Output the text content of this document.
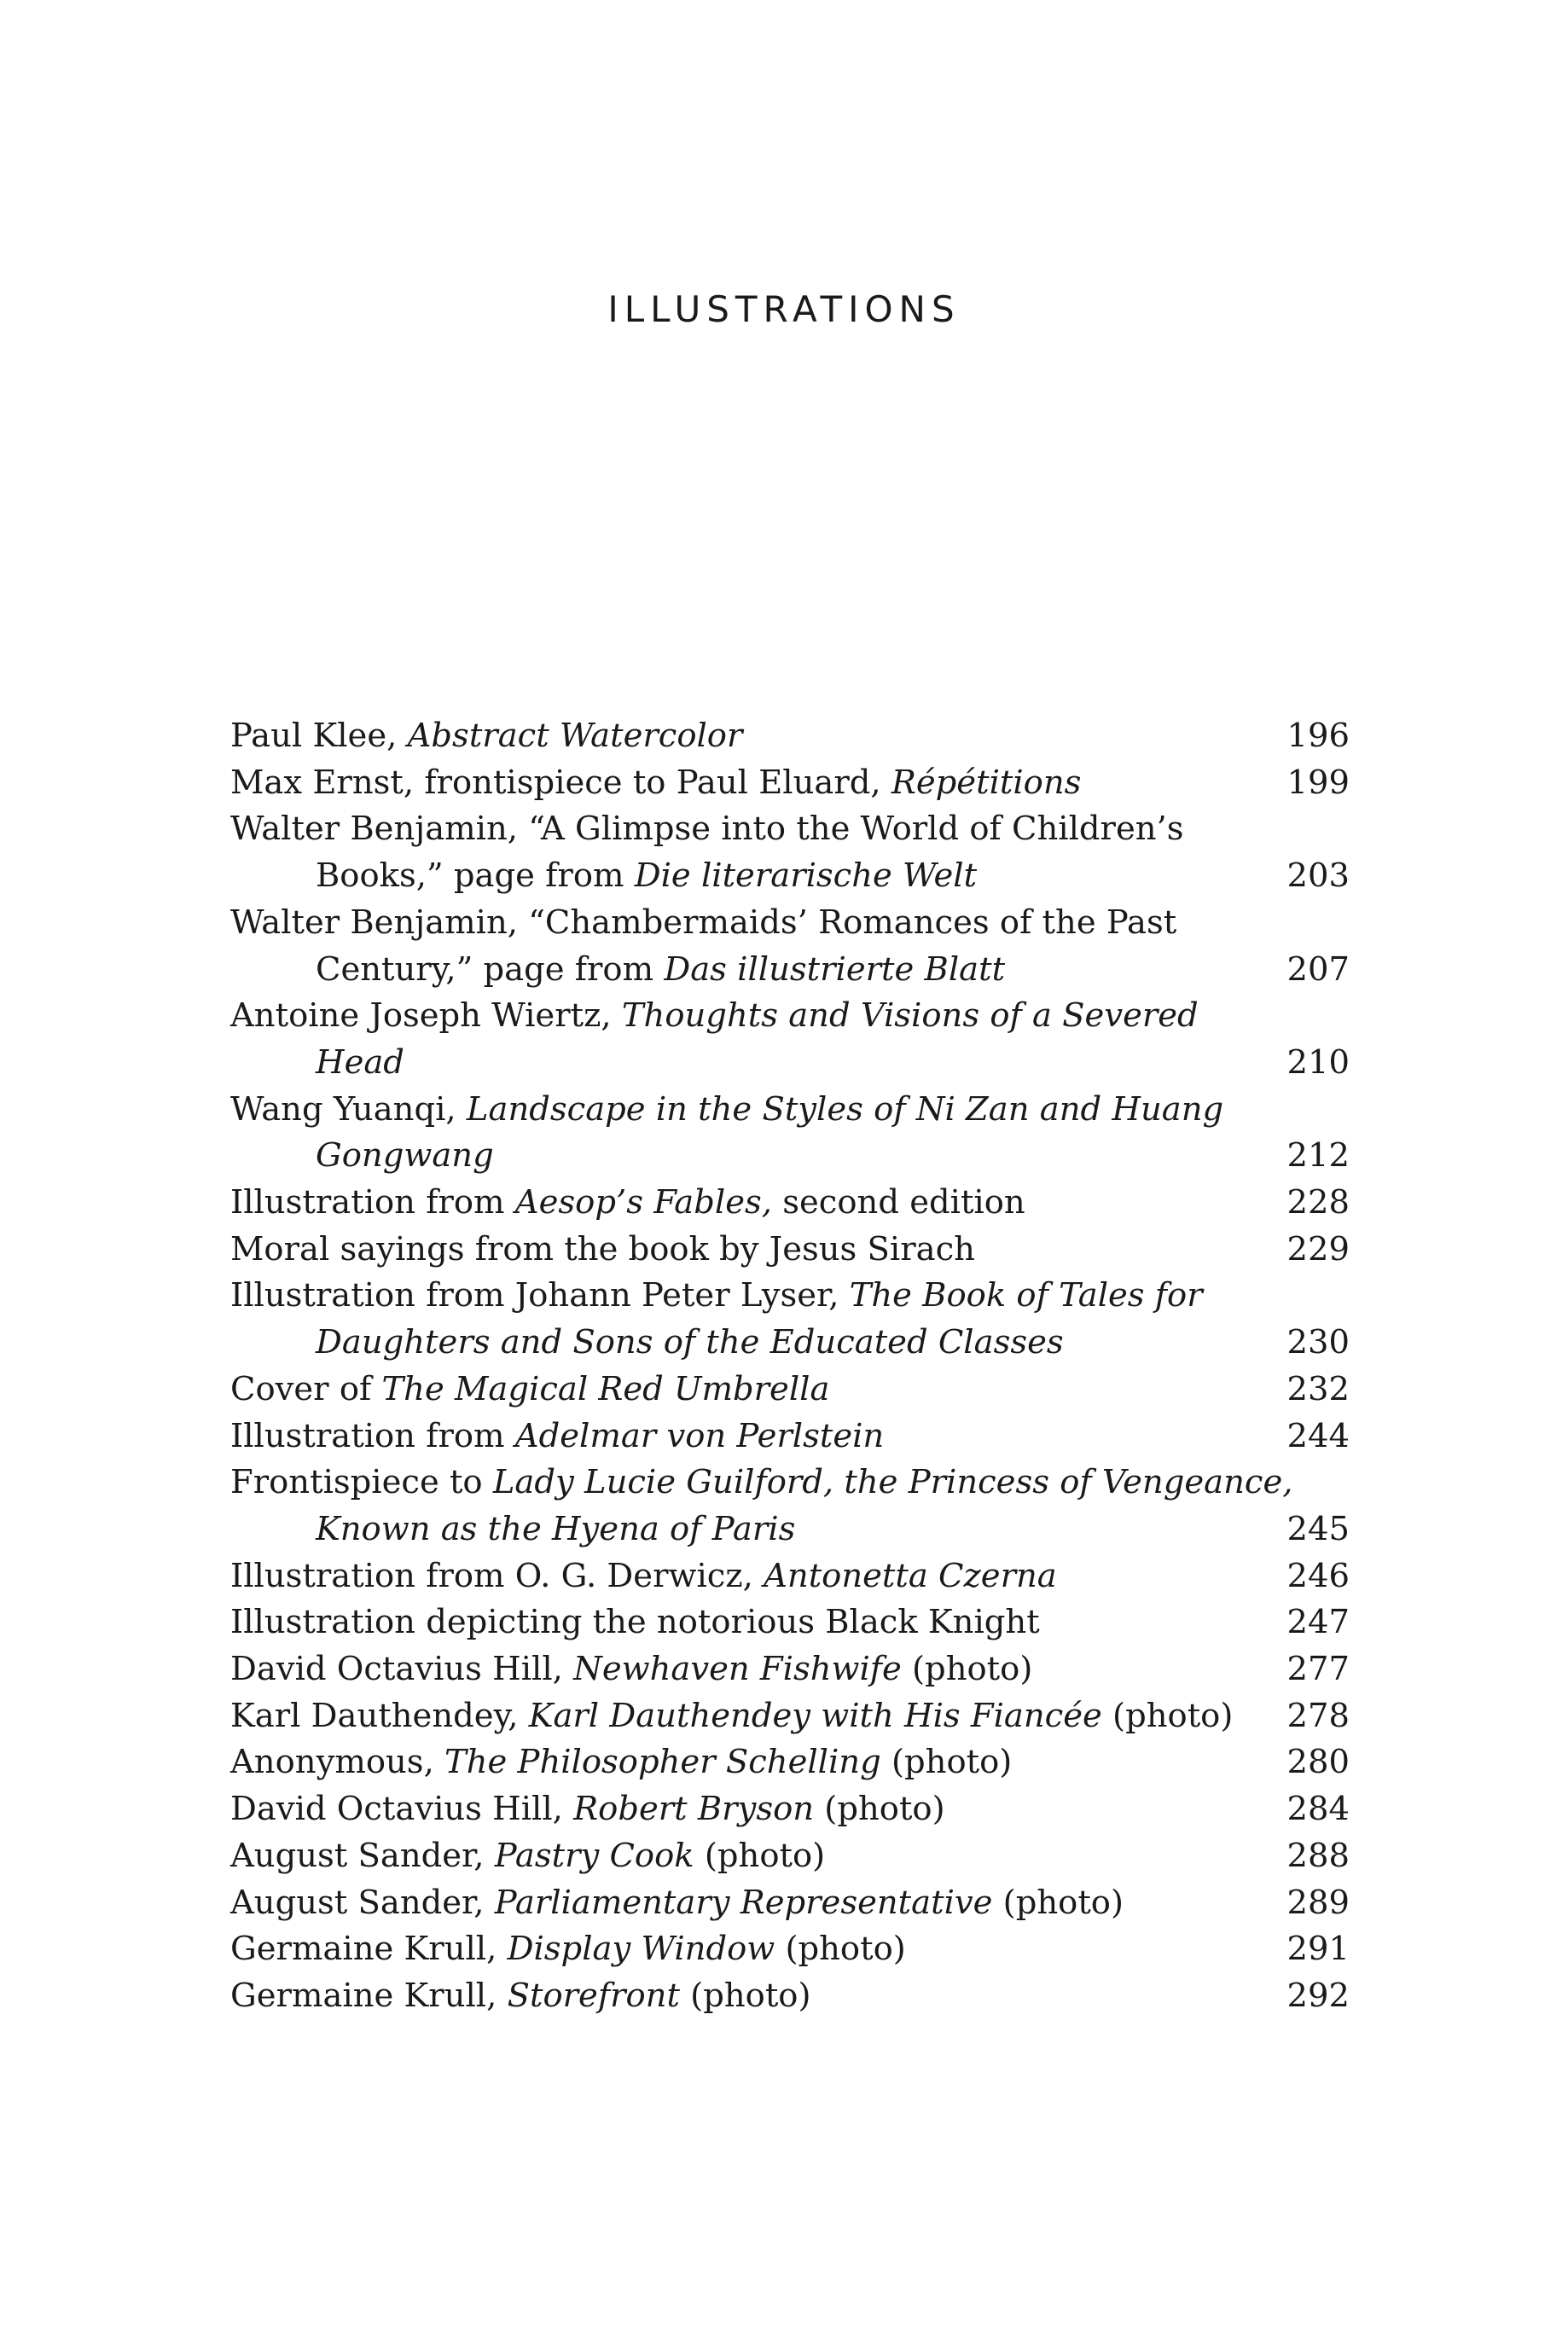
ILLUSTRATIONS
Paul Klee, Abstract Watercolor	196
Max Ernst, frontispiece to Paul Eluard, Répétitions	199
Walter Benjamin, “A Glimpse into the World of Children’s
Books,” page from Die literarische Welt	203
Walter Benjamin, “Chambermaids’ Romances of the Past
Century,” page from Das illustrierte Blatt	207
Antoine Joseph Wiertz, Thoughts and Visions of a Severed
Head	210
Wang Yuanqi, Landscape in the Styles of Ni Zan and Huang
Gongwang	212
Illustration from Aesop’s Fables, second edition	228
Moral sayings from the book by Jesus Sirach	229
Illustration from Johann Peter Lyser, The Book of Tales for
Daughters and Sons of the Educated Classes	230
Cover of The Magical Red Umbrella	232
Illustration from Adelmar von Perlstein	244
Frontispiece to Lady Lucie Guilford, the Princess of Vengeance,
Known as the Hyena of Paris	245
Illustration from O. G. Derwicz, Antonetta Czerna	246
Illustration depicting the notorious Black Knight	247
David Octavius Hill, Newhaven Fishwife (photo)	277
Karl Dauthendey, Karl Dauthendey with His Fiancée (photo) 278
Anonymous, The Philosopher Schelling (photo)	280
David Octavius Hill, Robert Bryson (photo)	284
August Sander, Pastry Cook (photo)	288
August Sander, Parliamentary Representative (photo)	289
Germaine Krull, Display Window (photo)	291
Germaine Krull, Storefront (photo)	292
